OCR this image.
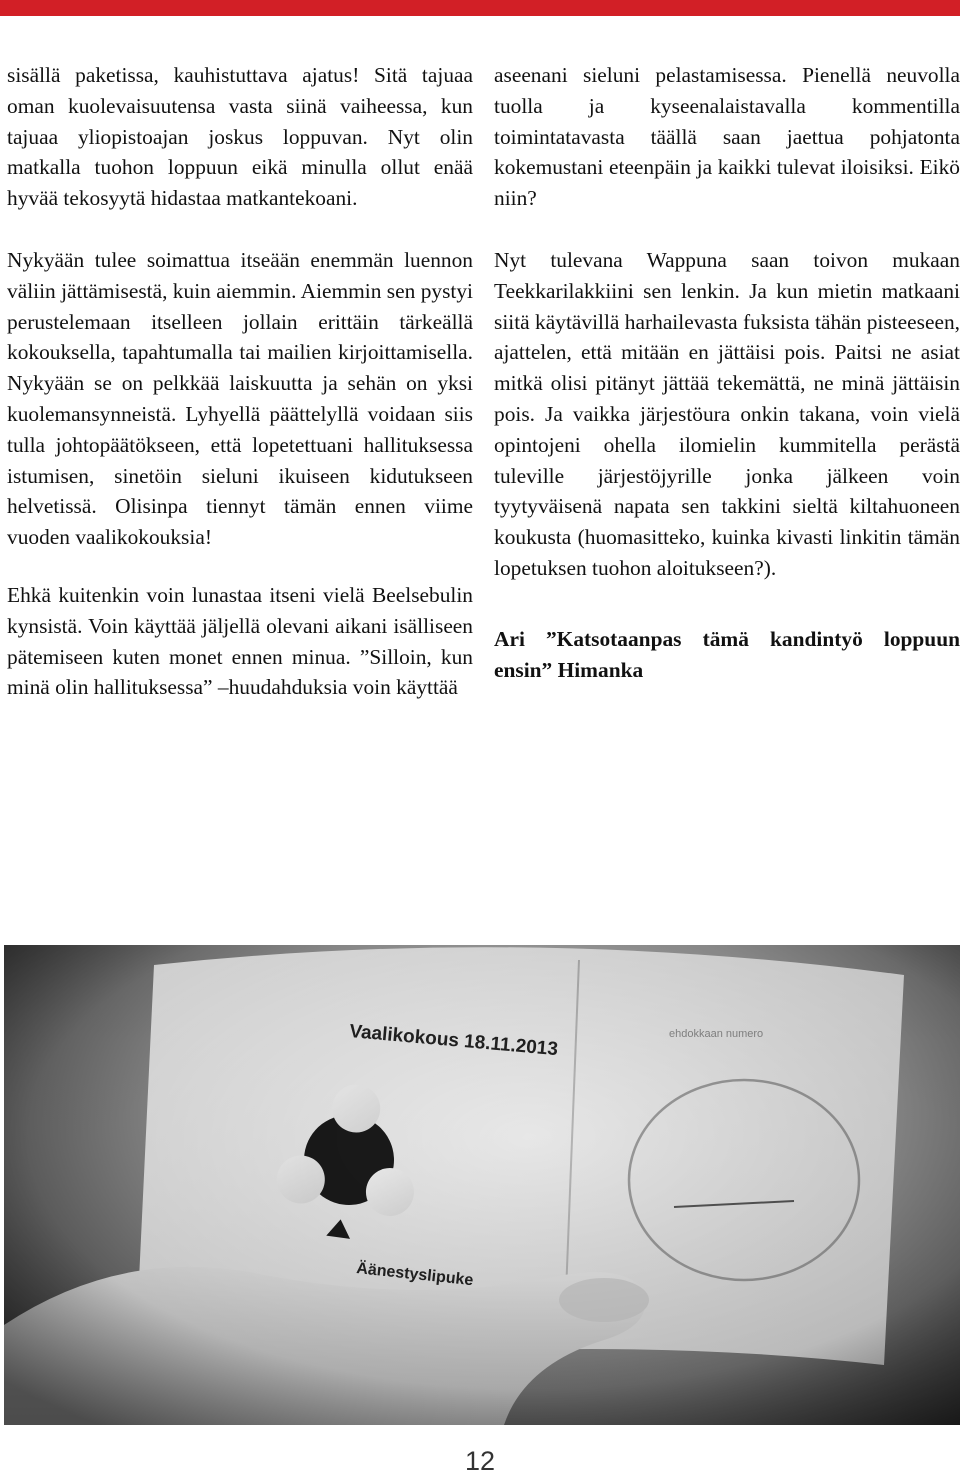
sisällä paketissa, kauhistuttava ajatus! Sitä tajuaa oman kuolevaisuutensa vasta siinä vaiheessa, kun tajuaa yliopistoajan joskus loppuvan. Nyt olin matkalla tuohon loppuun eikä minulla ollut enää hyvää tekosyytä hidastaa matkantekoani.

Nykyään tulee soimattua itseään enemmän luennon väliin jättämisestä, kuin aiemmin. Aiemmin sen pystyi perustelemaan itselleen jollain erittäin tärkeällä kokouksella, tapahtumalla tai mailien kirjoittamisella. Nykyään se on pelkkää laiskuutta ja sehän on yksi kuolemansynneistä. Lyhyellä päättelyllä voidaan siis tulla johtopäätökseen, että lopetettuani hallituksessa istumisen, sinetöin sieluni ikuiseen kidutukseen helvetissä. Olisinpa tiennyt tämän ennen viime vuoden vaalikokouksia!

Ehkä kuitenkin voin lunastaa itseni vielä Beelsebulin kynsistä. Voin käyttää jäljellä olevani aikani isälliseen pätemiseen kuten monet ennen minua. ”Silloin, kun minä olin hallituksessa” –huudahduksia voin käyttää

aseenani sieluni pelastamisessa. Pienellä neuvolla tuolla ja kyseenalaistavalla kommentilla toimintatavasta täällä saan jaettua pohjatonta kokemustani eteenpäin ja kaikki tulevat iloisiksi. Eikö niin?

Nyt tulevana Wappuna saan toivon mukaan Teekkarilakkiini sen lenkin. Ja kun mietin matkaani siitä käytävillä harhailevasta fuksista tähän pisteeseen, ajattelen, että mitään en jättäisi pois. Paitsi ne asiat mitkä olisi pitänyt jättää tekemättä, ne minä jättäisin pois. Ja vaikka järjestöura onkin takana, voin vielä opintojeni ohella ilomielin kummitella perästä tuleville järjestöjyrille jonka jälkeen voin tyytyväisenä napata sen takkini sieltä kiltahuoneen koukusta (huomasitteko, kuinka kivasti linkitin tämän lopetuksen tuohon aloitukseen?).

Ari ”Katsotaanpas tämä kandintyö loppuun ensin” Himanka

12
